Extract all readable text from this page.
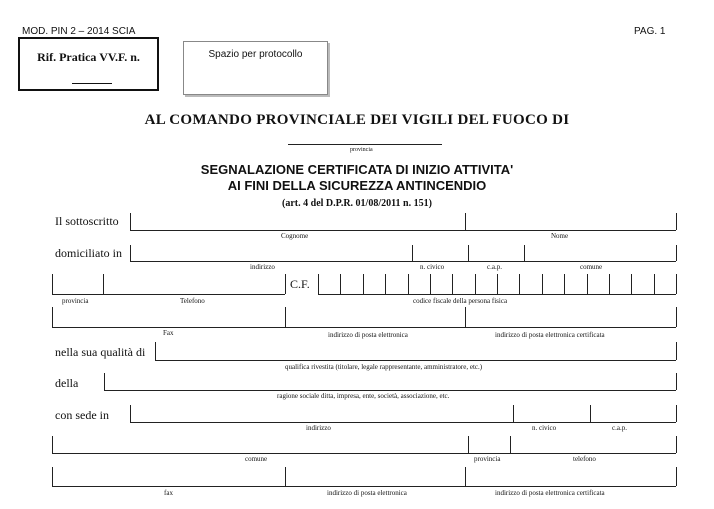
MOD. PIN 2 – 2014 SCIA	PAG. 1
Rif. Pratica VV.F. n.	Spazio per protocollo
AL COMANDO PROVINCIALE DEI VIGILI DEL FUOCO DI
provincia
SEGNALAZIONE CERTIFICATA DI INIZIO ATTIVITA'
AI FINI DELLA SICUREZZA ANTINCENDIO
(art. 4 del D.P.R. 01/08/2011 n. 151)
Il sottoscritto
Cognome	Nome
domiciliato in
indirizzo	n. civico	c.a.p.	comune
C.F.
provincia	Telefono	codice fiscale della persona fisica
Fax	indirizzo di posta elettronica	indirizzo di posta elettronica certificata
nella sua qualità di
qualifica rivestita (titolare, legale rappresentante, amministratore, etc.)
della
ragione sociale ditta, impresa, ente, società, associazione, etc.
con sede in
indirizzo	n. civico	c.a.p.
comune	provincia	telefono
fax	indirizzo di posta elettronica	indirizzo di posta elettronica certificata
